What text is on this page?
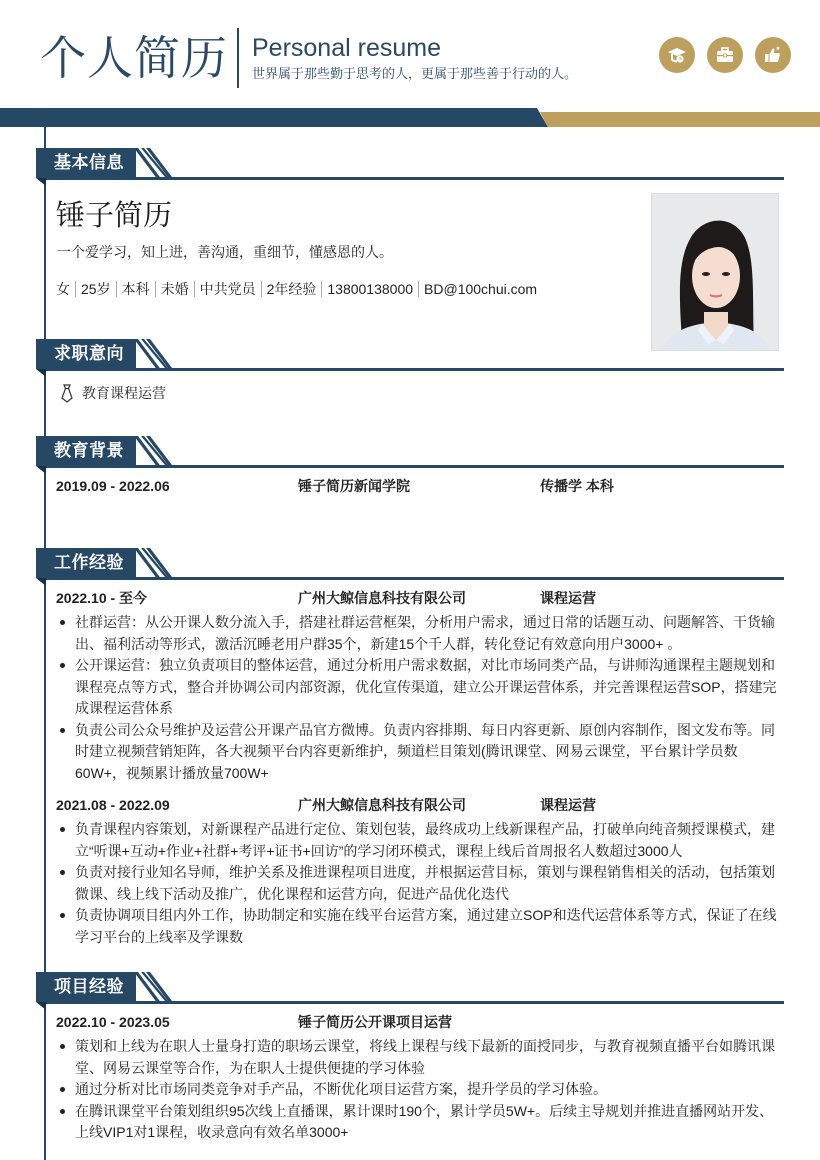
个人简历 Personal resume
世界属于那些勤于思考的人，更属于那些善于行动的人。
基本信息
锤子简历
一个爱学习，知上进，善沟通，重细节，懂感恩的人。
女 25岁 本科 未婚 中共党员 2年经验 13800138000 BD@100chui.com
求职意向
教育课程运营
教育背景
2019.09 - 2022.06	锤子简历新闻学院	传播学 本科
工作经验
2022.10 - 至今	广州大鲸信息科技有限公司	课程运营
社群运营：从公开课人数分流入手，搭建社群运营框架，分析用户需求，通过日常的话题互动、问题解答、干货输出、福利活动等形式，激活沉睡老用户群35个，新建15个千人群，转化登记有效意向用户3000+ 。
公开课运营：独立负责项目的整体运营，通过分析用户需求数据，对比市场同类产品，与讲师沟通课程主题规划和课程亮点等方式，整合并协调公司内部资源，优化宣传渠道，建立公开课运营体系，并完善课程运营SOP，搭建完成课程运营体系
负责公司公众号维护及运营公开课产品官方微博。负责内容排期、每日内容更新、原创内容制作，图文发布等。同时建立视频营销矩阵，各大视频平台内容更新维护，频道栏目策划(腾讯课堂、网易云课堂，平台累计学员数60W+，视频累计播放量700W+
2021.08 - 2022.09	广州大鲸信息科技有限公司	课程运营
负青课程内容策划，对新课程产品进行定位、策划包装，最终成功上线新课程产品，打破单向纯音频授课模式，建立“听课+互动+作业+社群+考评+证书+回访”的学习闭环模式，课程上线后首周报名人数超过3000人
负责对接行业知名导师，维护关系及推进课程项目进度，并根据运营目标，策划与课程销售相关的活动，包括策划微课、线上线下活动及推广，优化课程和运营方向，促进产品优化迭代
负责协调项目组内外工作，协助制定和实施在线平台运营方案，通过建立SOP和迭代运营体系等方式，保证了在线学习平台的上线率及学课数
项目经验
2022.10 - 2023.05	锤子简历公开课项目运营
策划和上线为在职人士量身打造的职场云课堂，将线上课程与线下最新的面授同步，与教育视频直播平台如腾讯课堂、网易云课堂等合作，为在职人士提供便捷的学习体验
通过分析对比市场同类竞争对手产品，不断优化项目运营方案，提升学员的学习体验。
在腾讯课堂平台策划组织95次线上直播课，累计课时190个，累计学员5W+。后续主导规划并推进直播网站开发、上线VIP1对1课程，收录意向有效名单3000+
